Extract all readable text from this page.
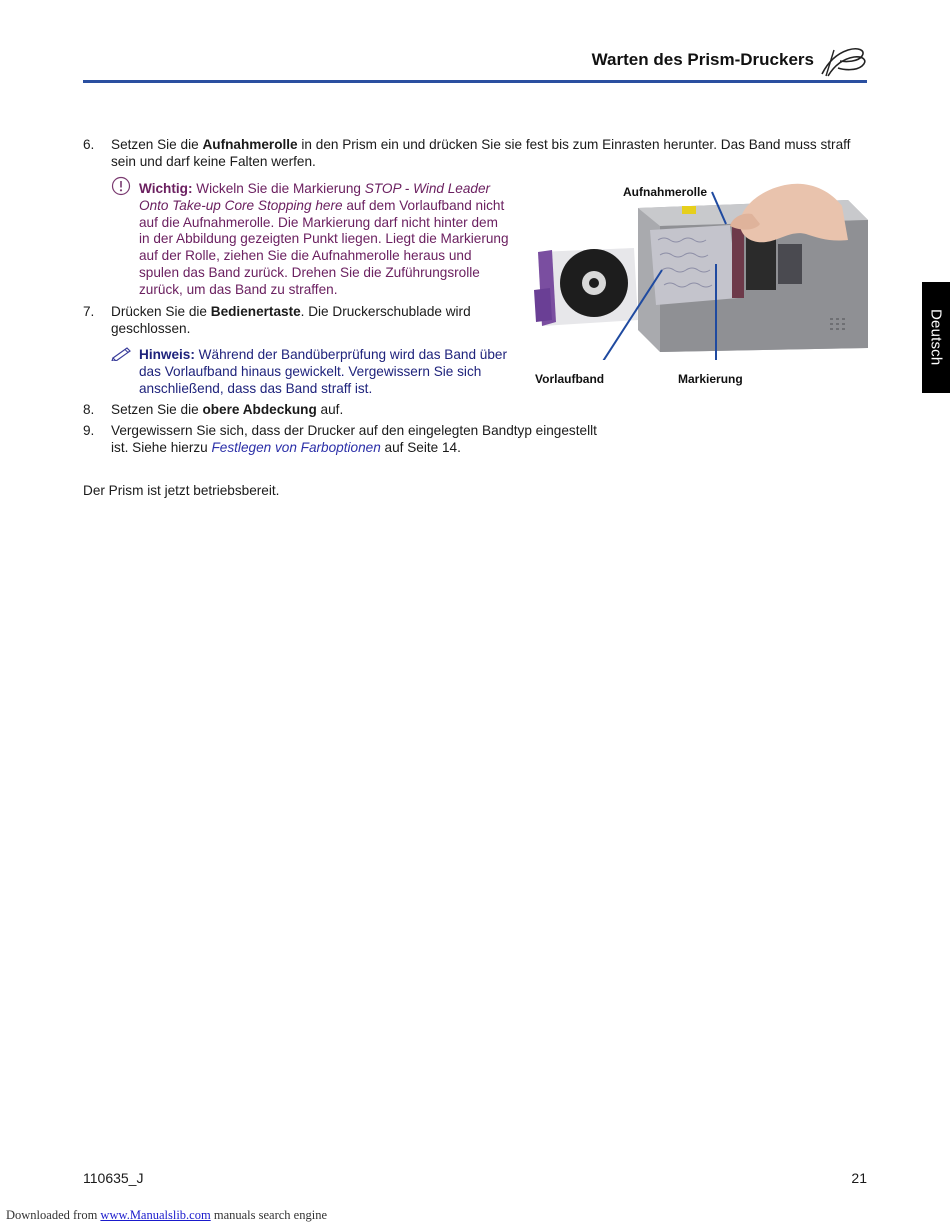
Warten des Prism-Druckers
Deutsch
6. Setzen Sie die Aufnahmerolle in den Prism ein und drücken Sie sie fest bis zum Einrasten herunter. Das Band muss straff sein und darf keine Falten werfen.
Wichtig: Wickeln Sie die Markierung STOP - Wind Leader Onto Take-up Core Stopping here auf dem Vorlaufband nicht auf die Aufnahmerolle. Die Markierung darf nicht hinter dem in der Abbildung gezeigten Punkt liegen. Liegt die Markierung auf der Rolle, ziehen Sie die Aufnahmerolle heraus und spulen das Band zurück. Drehen Sie die Zuführungsrolle zurück, um das Band zu straffen.
7. Drücken Sie die Bedienertaste. Die Druckerschublade wird geschlossen.
Hinweis: Während der Bandüberprüfung wird das Band über das Vorlaufband hinaus gewickelt. Vergewissern Sie sich anschließend, dass das Band straff ist.
8. Setzen Sie die obere Abdeckung auf.
9. Vergewissern Sie sich, dass der Drucker auf den eingelegten Bandtyp eingestellt ist. Siehe hierzu Festlegen von Farboptionen auf Seite 14.
Der Prism ist jetzt betriebsbereit.
Aufnahmerolle
Vorlaufband	Markierung
110635_J	21
Downloaded from www.Manualslib.com manuals search engine
